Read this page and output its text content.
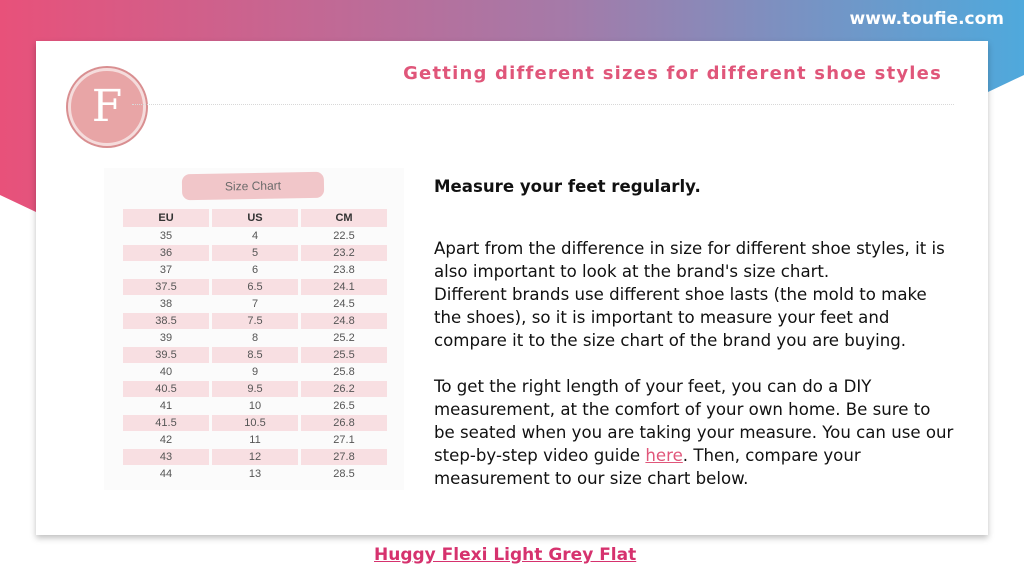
www.toufie.com
F
Getting different sizes for different shoe styles
Size Chart
EU	US	CM
35	4	22.5
36	5	23.2
37	6	23.8
37.5	6.5	24.1
38	7	24.5
38.5	7.5	24.8
39	8	25.2
39.5	8.5	25.5
40	9	25.8
40.5	9.5	26.2
41	10	26.5
41.5	10.5	26.8
42	11	27.1
43	12	27.8
44	13	28.5

Measure your feet regularly.

Apart from the difference in size for different shoe styles, it is also important to look at the brand's size chart.

Different brands use different shoe lasts (the mold to make the shoes), so it is important to measure your feet and compare it to the size chart of the brand you are buying.

To get the right length of your feet, you can do a DIY measurement, at the comfort of your own home. Be sure to be seated when you are taking your measure. You can use our step-by-step video guide here. Then, compare your measurement to our size chart below.

Huggy Flexi Light Grey Flat
